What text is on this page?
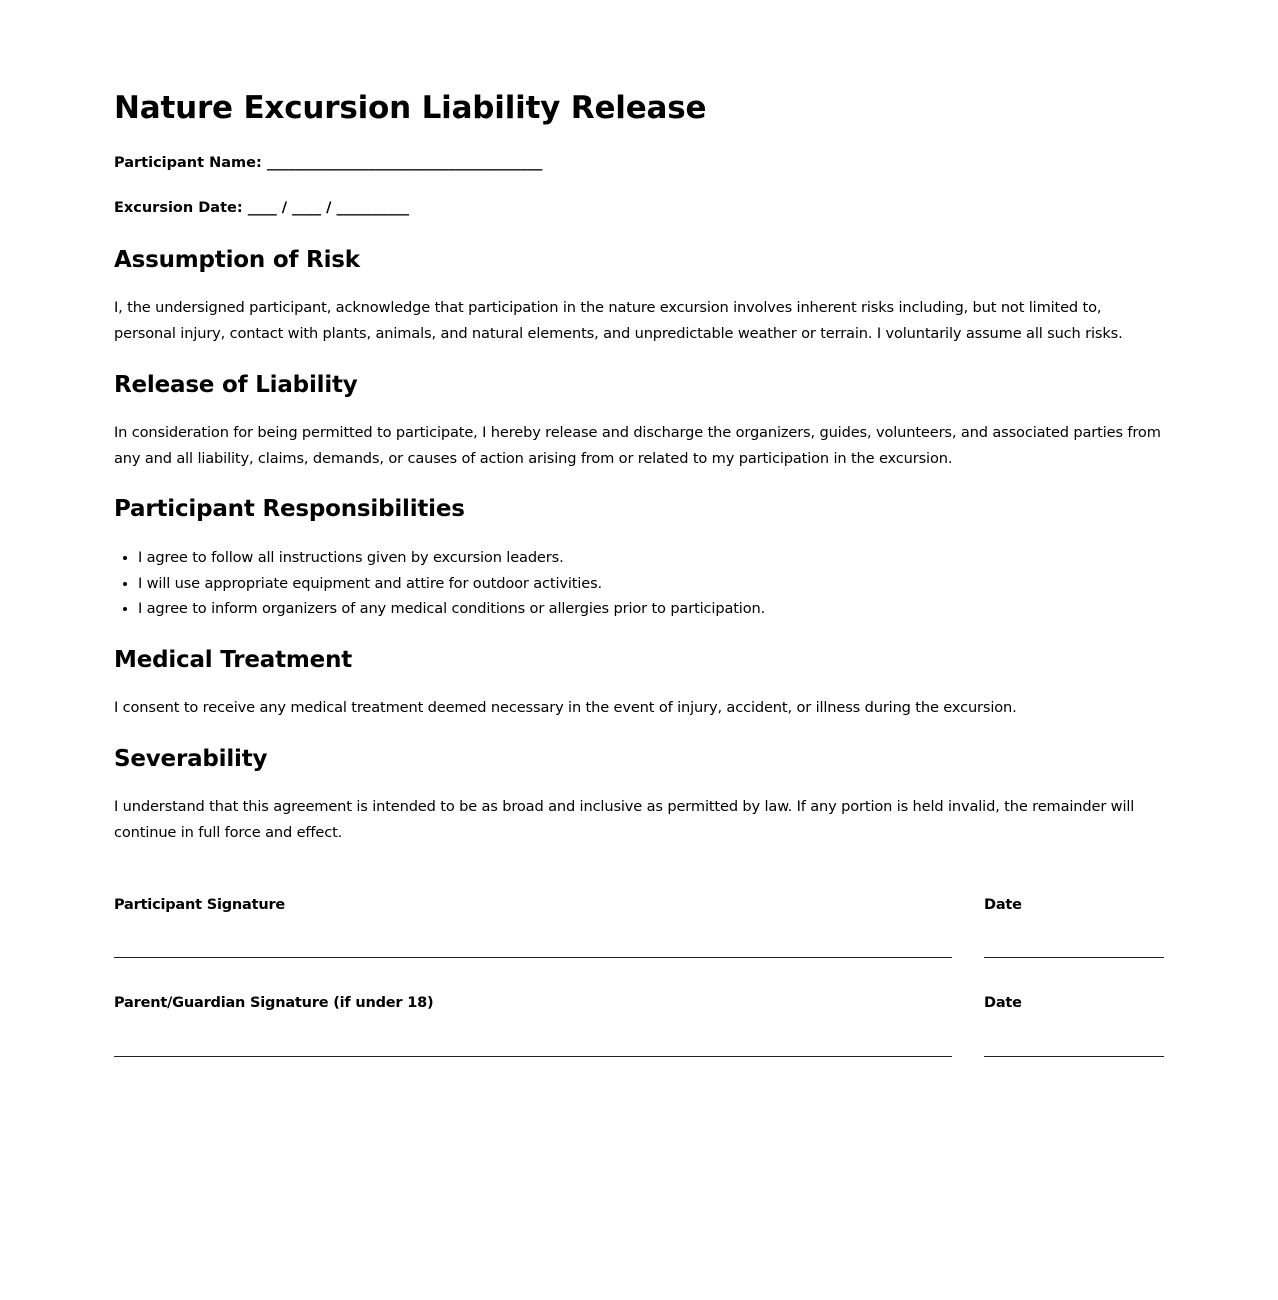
Nature Excursion Liability Release
Participant Name: ______________________________________
Excursion Date: ____ / ____ / __________
Assumption of Risk

I, the undersigned participant, acknowledge that participation in the nature excursion involves inherent risks including, but not limited to, personal injury, contact with plants, animals, and natural elements, and unpredictable weather or terrain. I voluntarily assume all such risks.

Release of Liability

In consideration for being permitted to participate, I hereby release and discharge the organizers, guides, volunteers, and associated parties from any and all liability, claims, demands, or causes of action arising from or related to my participation in the excursion.

Participant Responsibilities
• I agree to follow all instructions given by excursion leaders.
• I will use appropriate equipment and attire for outdoor activities.
• I agree to inform organizers of any medical conditions or allergies prior to participation.
Medical Treatment

I consent to receive any medical treatment deemed necessary in the event of injury, accident, or illness during the excursion.

Severability

I understand that this agreement is intended to be as broad and inclusive as permitted by law. If any portion is held invalid, the remainder will continue in full force and effect.

Participant Signature	Date
Parent/Guardian Signature (if under 18)	Date
